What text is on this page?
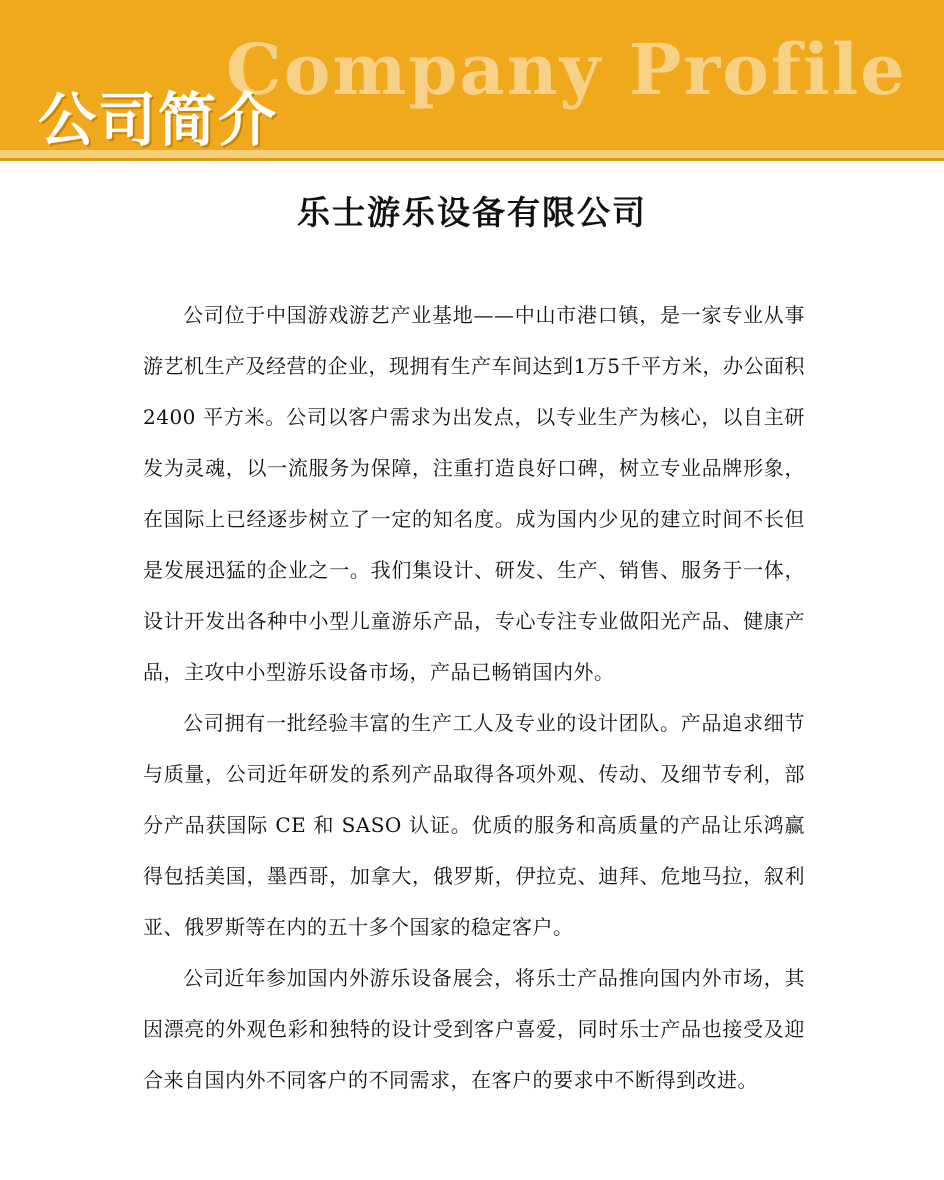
Company Profile
公司简介
乐士游乐设备有限公司

公司位于中国游戏游艺产业基地——中山市港口镇，是一家专业从事游艺机生产及经营的企业，现拥有生产车间达到1万5千平方米，办公面积 2400 平方米。公司以客户需求为出发点，以专业生产为核心，以自主研发为灵魂，以一流服务为保障，注重打造良好口碑，树立专业品牌形象，在国际上已经逐步树立了一定的知名度。成为国内少见的建立时间不长但是发展迅猛的企业之一。我们集设计、研发、生产、销售、服务于一体，设计开发出各种中小型儿童游乐产品，专心专注专业做阳光产品、健康产品，主攻中小型游乐设备市场，产品已畅销国内外。

公司拥有一批经验丰富的生产工人及专业的设计团队。产品追求细节与质量，公司近年研发的系列产品取得各项外观、传动、及细节专利，部分产品获国际 CE 和 SASO 认证。优质的服务和高质量的产品让乐鸿赢得包括美国，墨西哥，加拿大，俄罗斯，伊拉克、迪拜、危地马拉，叙利亚、俄罗斯等在内的五十多个国家的稳定客户。

公司近年参加国内外游乐设备展会，将乐士产品推向国内外市场，其因漂亮的外观色彩和独特的设计受到客户喜爱，同时乐士产品也接受及迎合来自国内外不同客户的不同需求，在客户的要求中不断得到改进。
